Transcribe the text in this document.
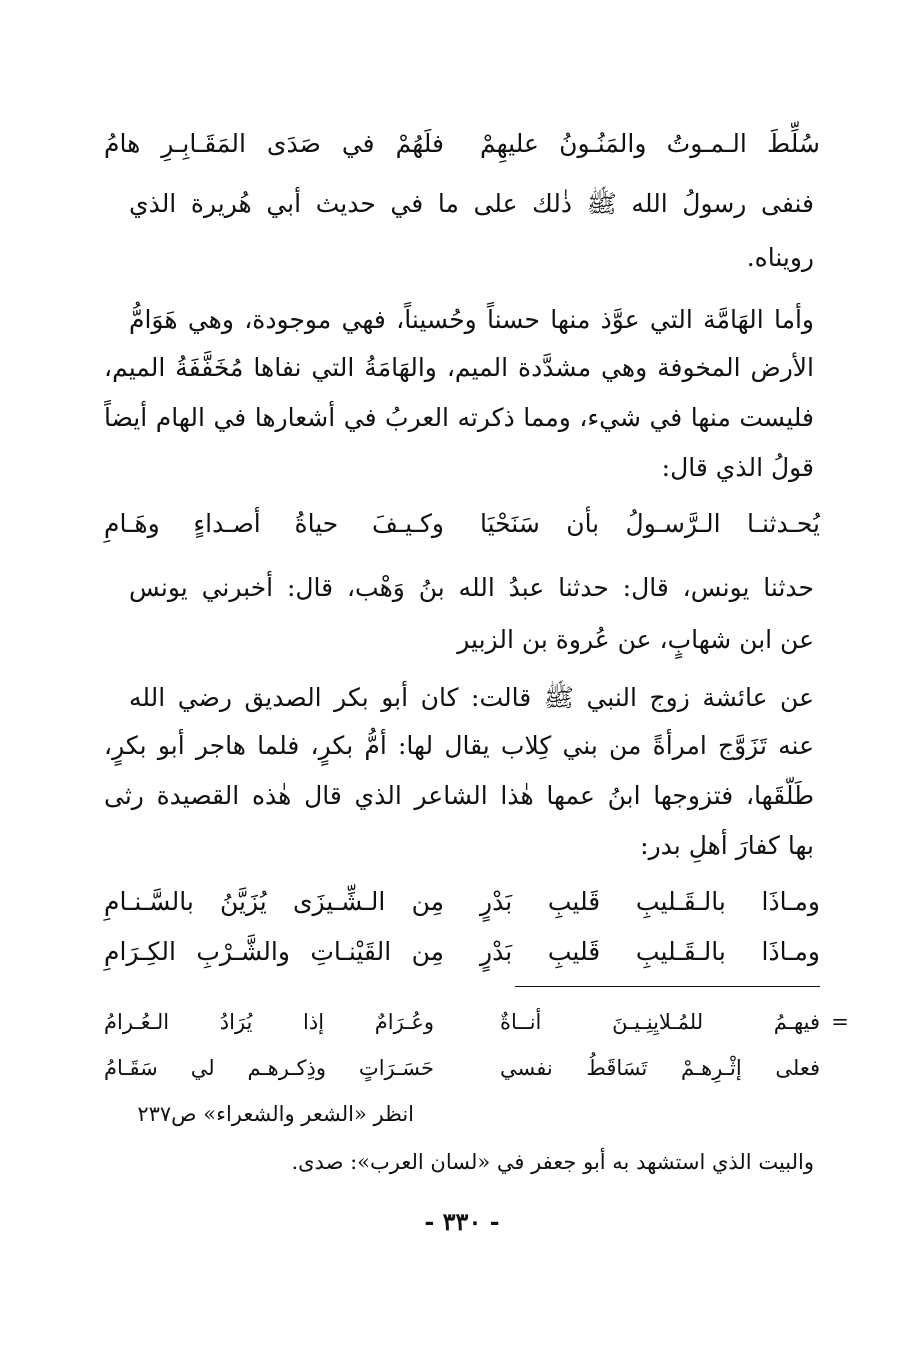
سُلِّطَ الـمـوتُ والمَنُـونُ عليهِمْ
فلَهُمْ في صَدَى المَقَـابِـرِ هامُ
فنفى رسولُ الله ﷺ ذٰلك على ما في حديث أبي هُريرة الذي
رويناه.
وأما الهَامَّة التي عوَّذ منها حسناً وحُسيناً، فهي موجودة، وهي هَوَامُّ
الأرض المخوفة وهي مشدَّدة الميم، والهَامَةُ التي نفاها مُخَفَّفَةُ الميم،
فليست منها في شيء، ومما ذكرته العربُ في أشعارها في الهام أيضاً
قولُ الذي قال:
يُحـدثنـا الـرَّسـولُ بأن سَنَحْيَا
وكـيـفَ حياةُ أصـداءٍ وهَـامِ
حدثنا يونس، قال: حدثنا عبدُ الله بنُ وَهْب، قال: أخبرني يونس
عن ابن شهابٍ، عن عُروة بن الزبير
عن عائشة زوج النبي ﷺ قالت: كان أبو بكر الصديق رضي الله
عنه تَزَوَّج امرأةً من بني كِلاب يقال لها: أمُّ بكرٍ، فلما هاجر أبو بكرٍ،
طَلَّقَها، فتزوجها ابنُ عمها هٰذا الشاعر الذي قال هٰذه القصيدة رثى
بها كفارَ أهلِ بدر:
ومـاذَا بالـقَـليبِ قَليبِ بَدْرٍ
مِن الـشِّـيزَى يُزَيَّنُ بالسَّـنـامِ
ومـاذَا بالـقَـليبِ قَليبِ بَدْرٍ
مِن القَيْنـاتِ والشَّـرْبِ الكِـرَامِ
=
فيهـمُ للمُـلايِنِـيـنَ أنــاةٌ
وعُـرَامٌ إذا يُرَادُ الـعُـرامُ
فعلى إثْـرِهـمْ تَسَاقَطُ نفسي
حَسَـرَاتٍ وذِكـرهـم لي سَقَـامُ
انظر «الشعر والشعراء» ص٢٣٧
والبيت الذي استشهد به أبو جعفر في «لسان العرب»: صدى.
- ٣٣٠ -
